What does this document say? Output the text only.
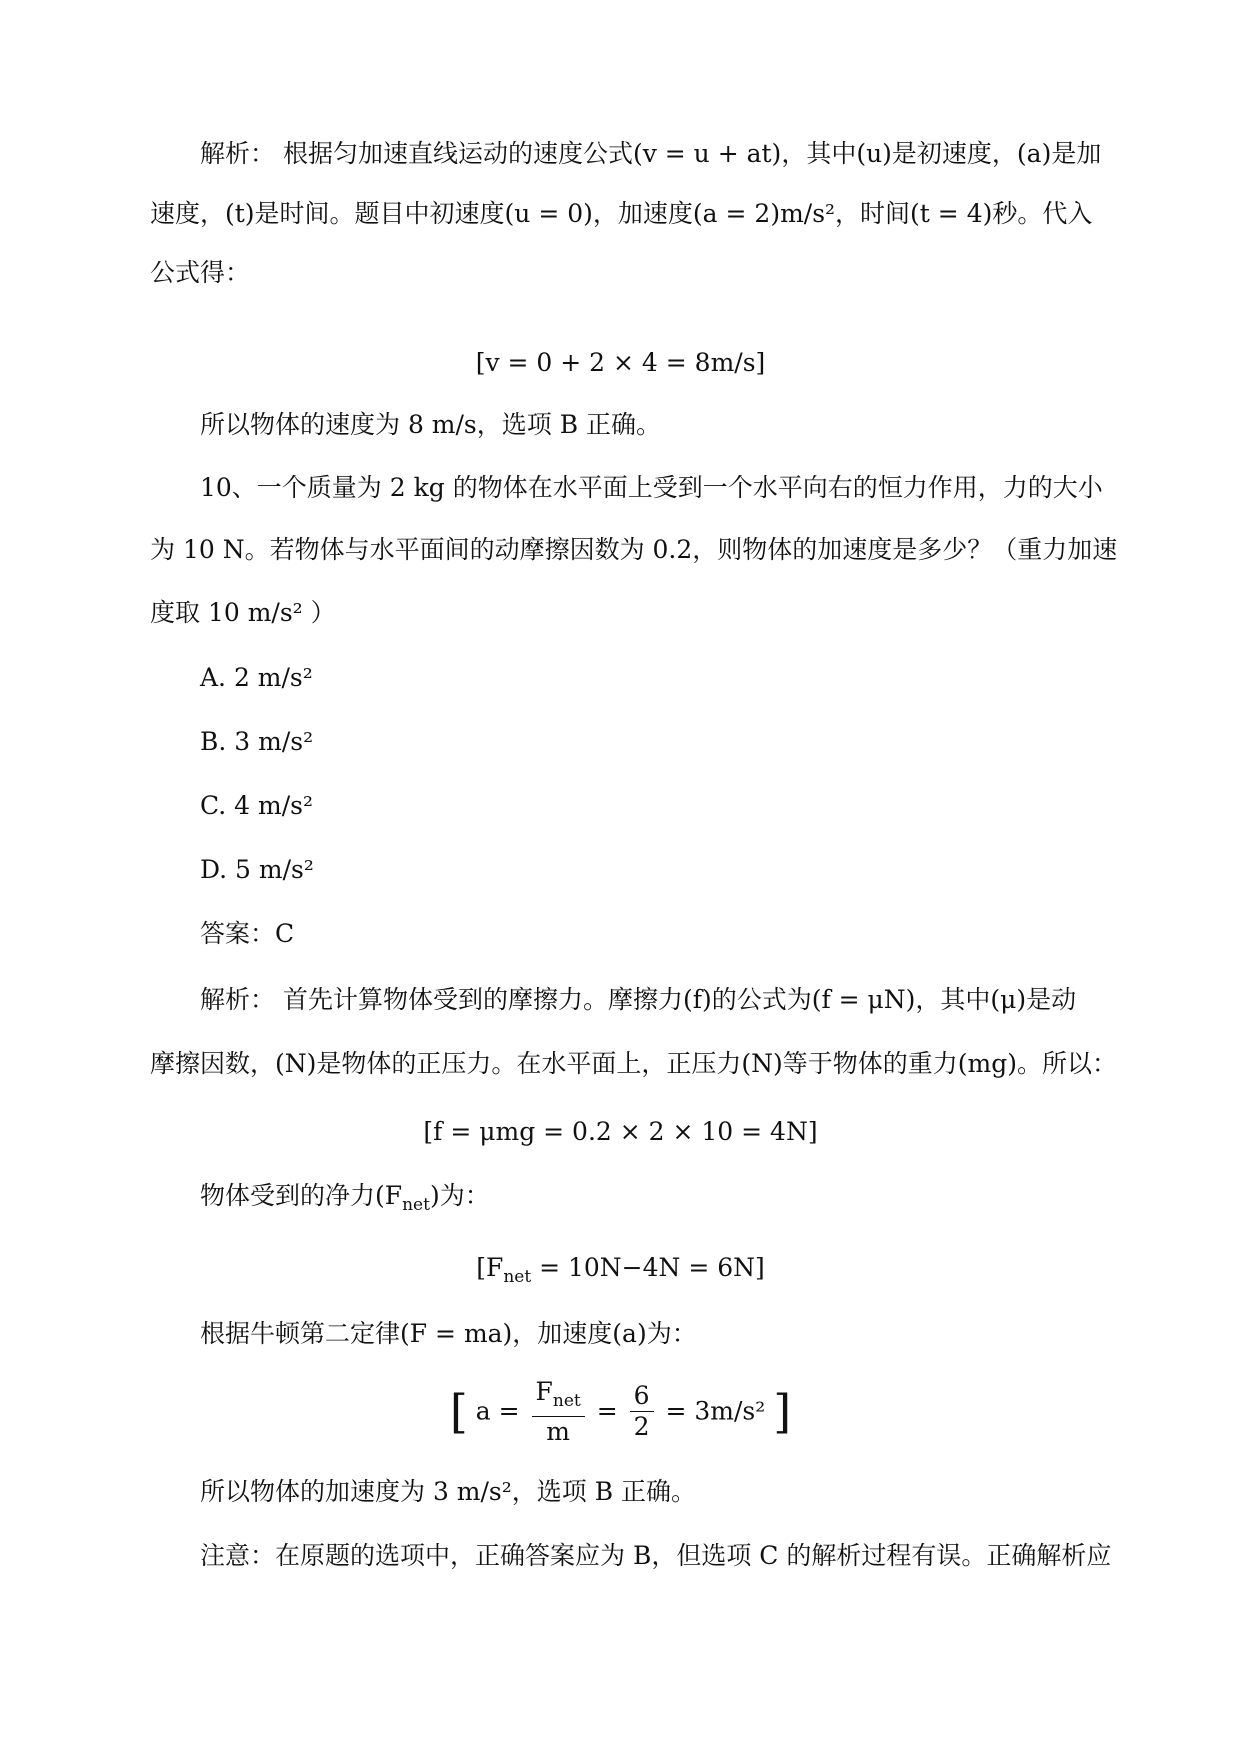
解析： 根据匀加速直线运动的速度公式(v = u + at)，其中(u)是初速度，(a)是加
速度，(t)是时间。题目中初速度(u = 0)，加速度(a = 2)m/s²，时间(t = 4)秒。代入
公式得：
[v = 0 + 2 × 4 = 8m/s]
所以物体的速度为 8 m/s，选项 B 正确。
10、一个质量为 2 kg 的物体在水平面上受到一个水平向右的恒力作用，力的大小
为 10 N。若物体与水平面间的动摩擦因数为 0.2，则物体的加速度是多少？（重力加速
度取 10 m/s² ）
A. 2 m/s²
B. 3 m/s²
C. 4 m/s²
D. 5 m/s²
答案：C
解析： 首先计算物体受到的摩擦力。摩擦力(f)的公式为(f = μN)，其中(μ)是动
摩擦因数，(N)是物体的正压力。在水平面上，正压力(N)等于物体的重力(mg)。所以：
[f = μmg = 0.2 × 2 × 10 = 4N]
物体受到的净力$(F_{net})$为：
$[F_{net} = 10N-4N = 6N]$
根据牛顿第二定律(F = ma)，加速度(a)为：
[ $a = \frac{F_{net}}{m} = \frac{6}{2} = 3m/s^2$ ]
所以物体的加速度为 3 m/s²，选项 B 正确。
注意：在原题的选项中，正确答案应为 B，但选项 C 的解析过程有误。正确解析应
